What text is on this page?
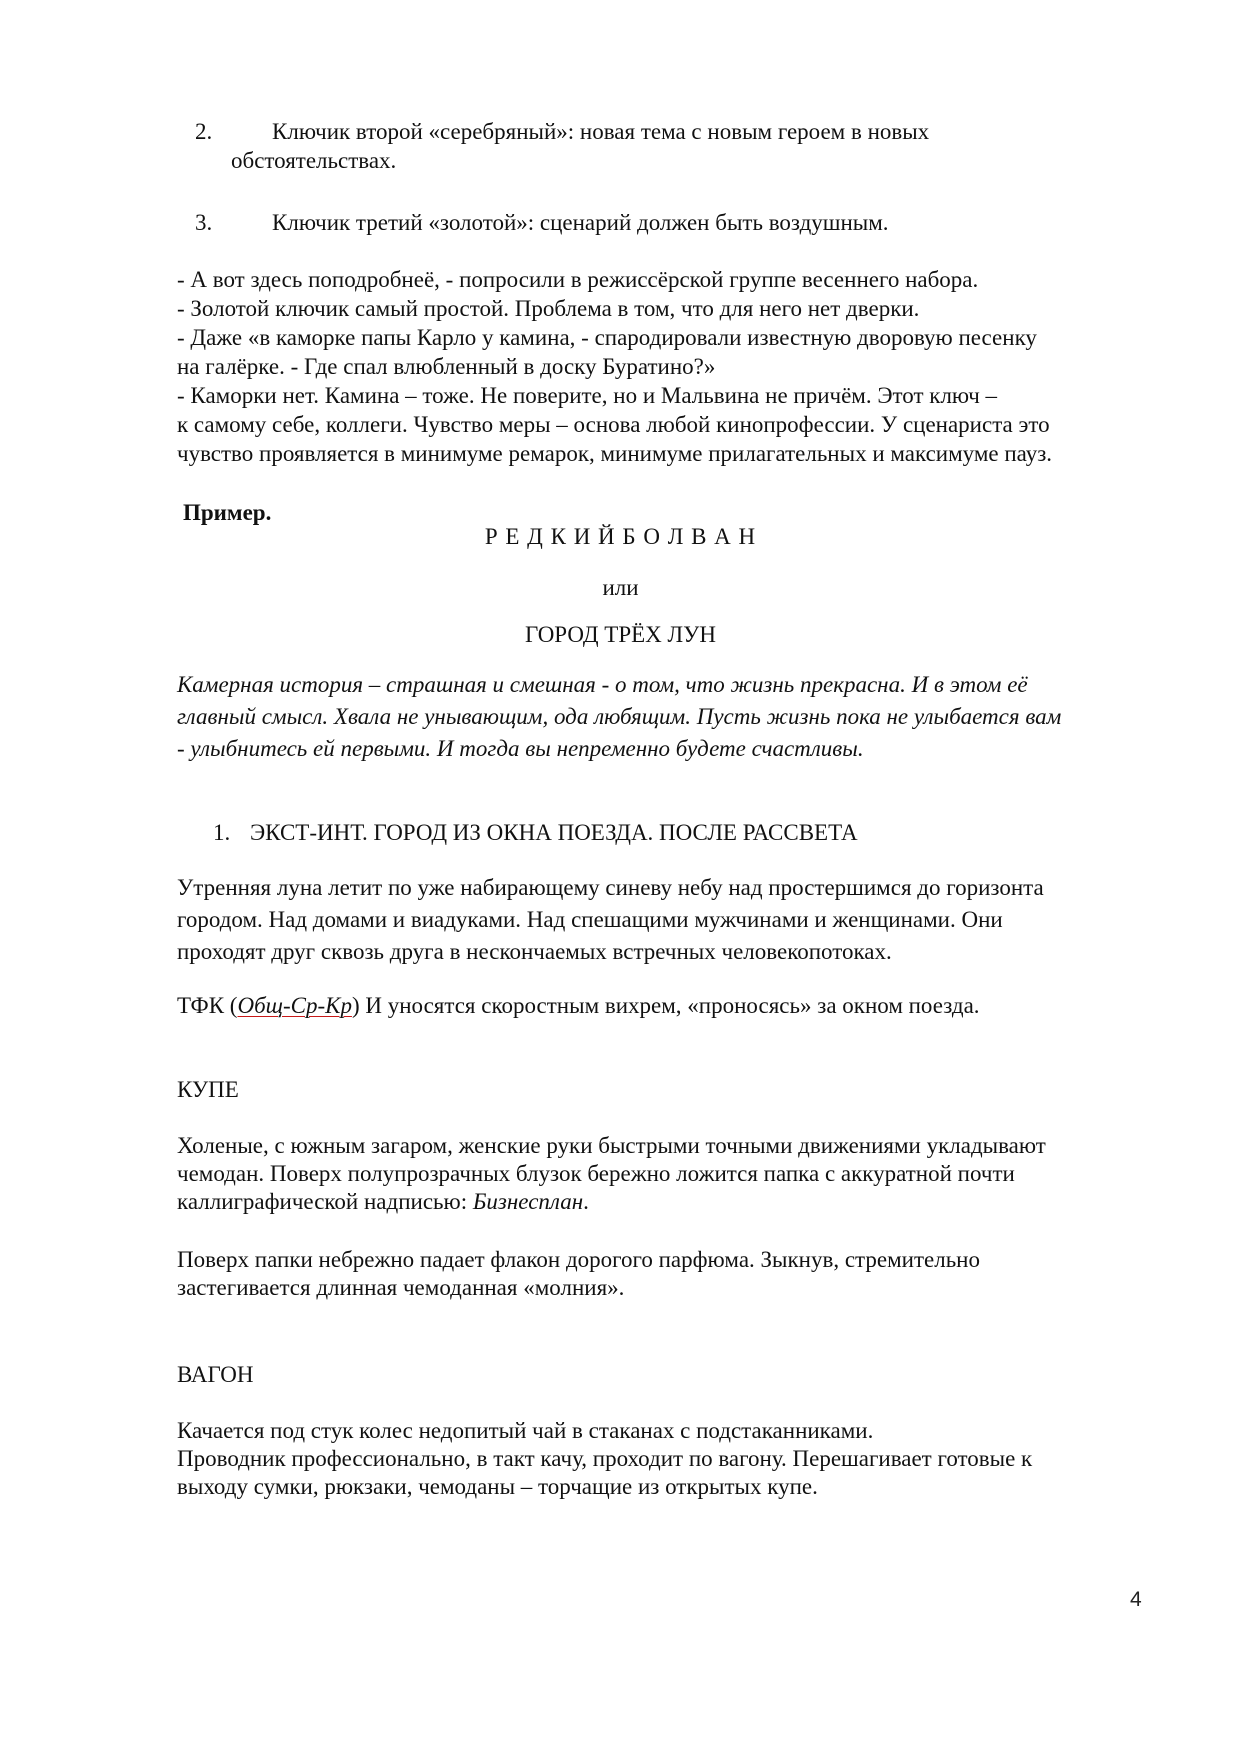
2.	Ключик второй «серебряный»: новая тема с новым героем в новых
обстоятельствах.
3.	Ключик третий «золотой»: сценарий должен быть воздушным.
- А вот здесь поподробнеё, - попросили в режиссёрской группе весеннего набора.
- Золотой ключик самый простой. Проблема в том, что для него нет дверки.
- Даже «в каморке папы Карло у камина, - спародировали известную дворовую песенку
на галёрке. - Где спал влюбленный в доску Буратино?»
- Каморки нет. Камина – тоже. Не поверите, но и Мальвина не причём. Этот ключ –
к самому себе, коллеги. Чувство меры – основа любой кинопрофессии. У сценариста это
чувство проявляется в минимуме ремарок, минимуме прилагательных и максимуме пауз.
Пример.
Р Е Д К И Й Б О Л В А Н
или
ГОРОД ТРЁХ ЛУН
Камерная история – страшная и смешная - о том, что жизнь прекрасна. И в этом её
главный смысл. Хвала не унывающим, ода любящим. Пусть жизнь пока не улыбается вам
- улыбнитесь ей первыми. И тогда вы непременно будете счастливы.
1. ЭКСТ-ИНТ. ГОРОД ИЗ ОКНА ПОЕЗДА. ПОСЛЕ РАССВЕТА
Утренняя луна летит по уже набирающему синеву небу над простершимся до горизонта
городом. Над домами и виадуками. Над спешащими мужчинами и женщинами. Они
проходят друг сквозь друга в нескончаемых встречных человекопотоках.
ТФК (Общ-Ср-Кр) И уносятся скоростным вихрем, «проносясь» за окном поезда.
КУПЕ
Холеные, с южным загаром, женские руки быстрыми точными движениями укладывают
чемодан. Поверх полупрозрачных блузок бережно ложится папка с аккуратной почти
каллиграфической надписью: Бизнесплан.
Поверх папки небрежно падает флакон дорогого парфюма. Зыкнув, стремительно
застегивается длинная чемоданная «молния».
ВАГОН
Качается под стук колес недопитый чай в стаканах с подстаканниками.
Проводник профессионально, в такт качу, проходит по вагону. Перешагивает готовые к
выходу сумки, рюкзаки, чемоданы – торчащие из открытых купе.
4
